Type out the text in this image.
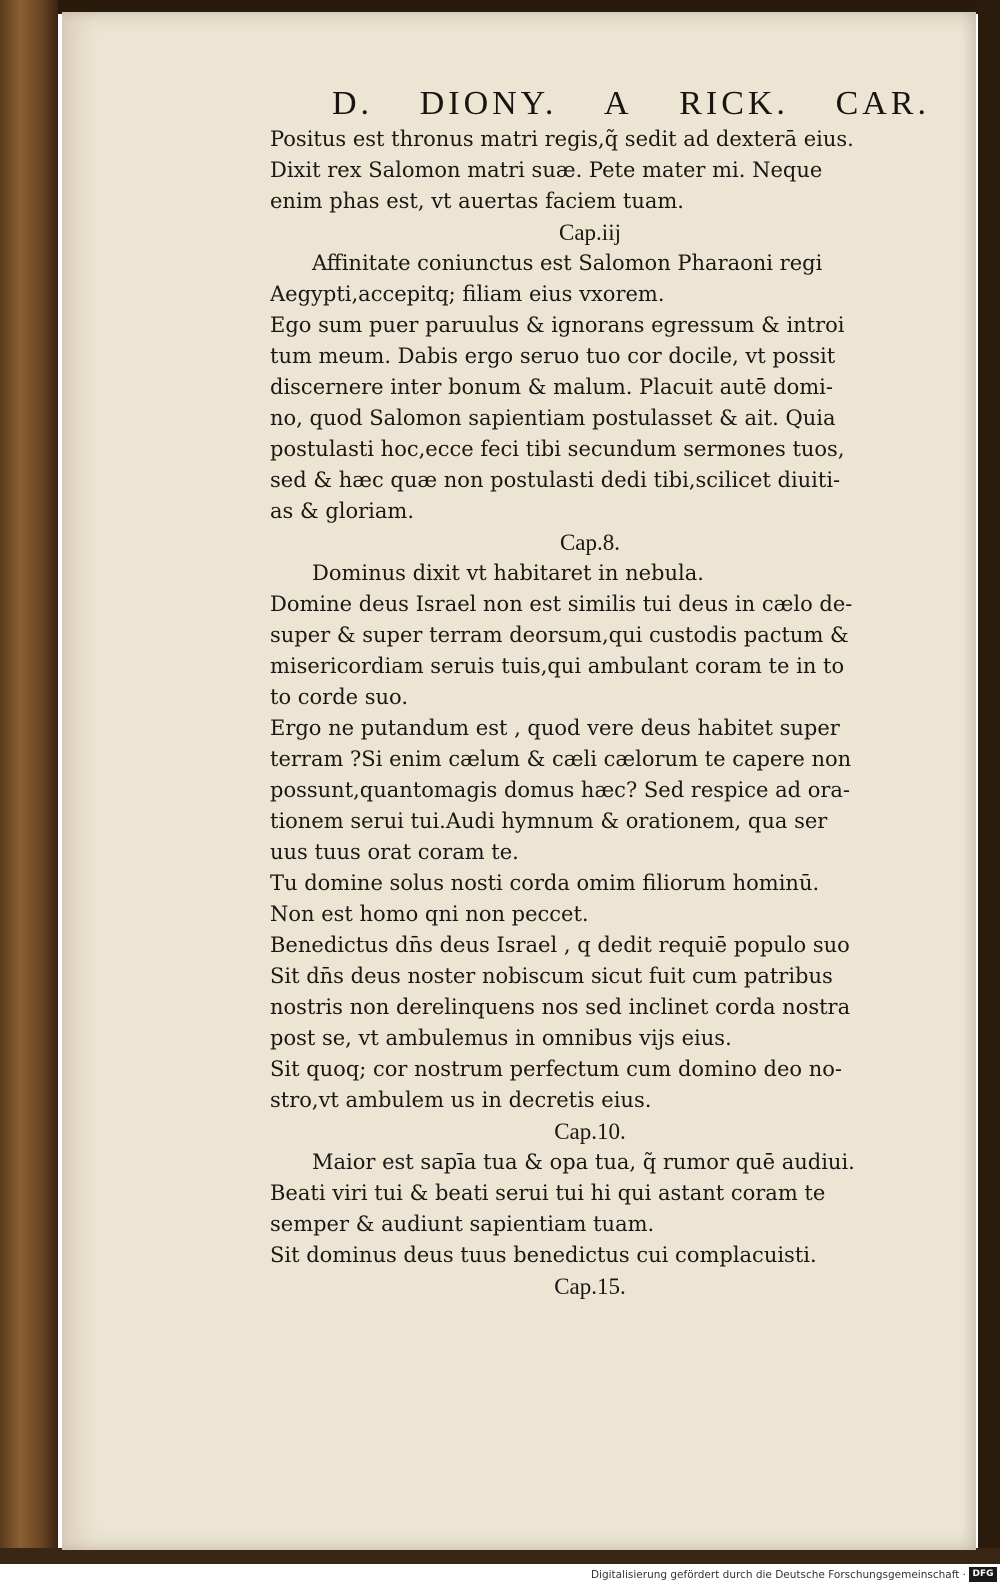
D. DIONY. A RICK. CAR.
Positus est thronus matri regis,q̃ sedit ad dexterā eius.
Dixit rex Salomon matri suæ. Pete mater mi. Neque
enim phas est, vt auertas faciem tuam.
Cap.iij
Affinitate coniunctus est Salomon Pharaoni regi
Aegypti,accepitq; filiam eius vxorem.
Ego sum puer paruulus & ignorans egressum & introi
tum meum. Dabis ergo seruo tuo cor docile, vt possit
discernere inter bonum & malum. Placuit autē domi-
no, quod Salomon sapientiam postulasset & ait. Quia
postulasti hoc,ecce feci tibi secundum sermones tuos,
sed & hæc quæ non postulasti dedi tibi,scilicet diuiti-
as & gloriam.
Cap.8.
Dominus dixit vt habitaret in nebula.
Domine deus Israel non est similis tui deus in cælo de-
super & super terram deorsum,qui custodis pactum &
misericordiam seruis tuis,qui ambulant coram te in to
to corde suo.
Ergo ne putandum est , quod vere deus habitet super
terram ?Si enim cælum & cæli cælorum te capere non
possunt,quantomagis domus hæc? Sed respice ad ora-
tionem serui tui.Audi hymnum & orationem, qua ser
uus tuus orat coram te.
Tu domine solus nosti corda omim filiorum hominū.
Non est homo qni non peccet.
Benedictus dn̄s deus Israel , q dedit requiē populo suo
Sit dn̄s deus noster nobiscum sicut fuit cum patribus
nostris non derelinquens nos sed inclinet corda nostra
post se, vt ambulemus in omnibus vijs eius.
Sit quoq; cor nostrum perfectum cum domino deo no-
stro,vt ambulem us in decretis eius.
Cap.10.
Maior est sapīa tua & opa tua, q̃ rumor quē audiui.
Beati viri tui & beati serui tui hi qui astant coram te
semper & audiunt sapientiam tuam.
Sit dominus deus tuus benedictus cui complacuisti.
Cap.15.
Digitalisierung gefördert durch die Deutsche Forschungsgemeinschaft · DFG
